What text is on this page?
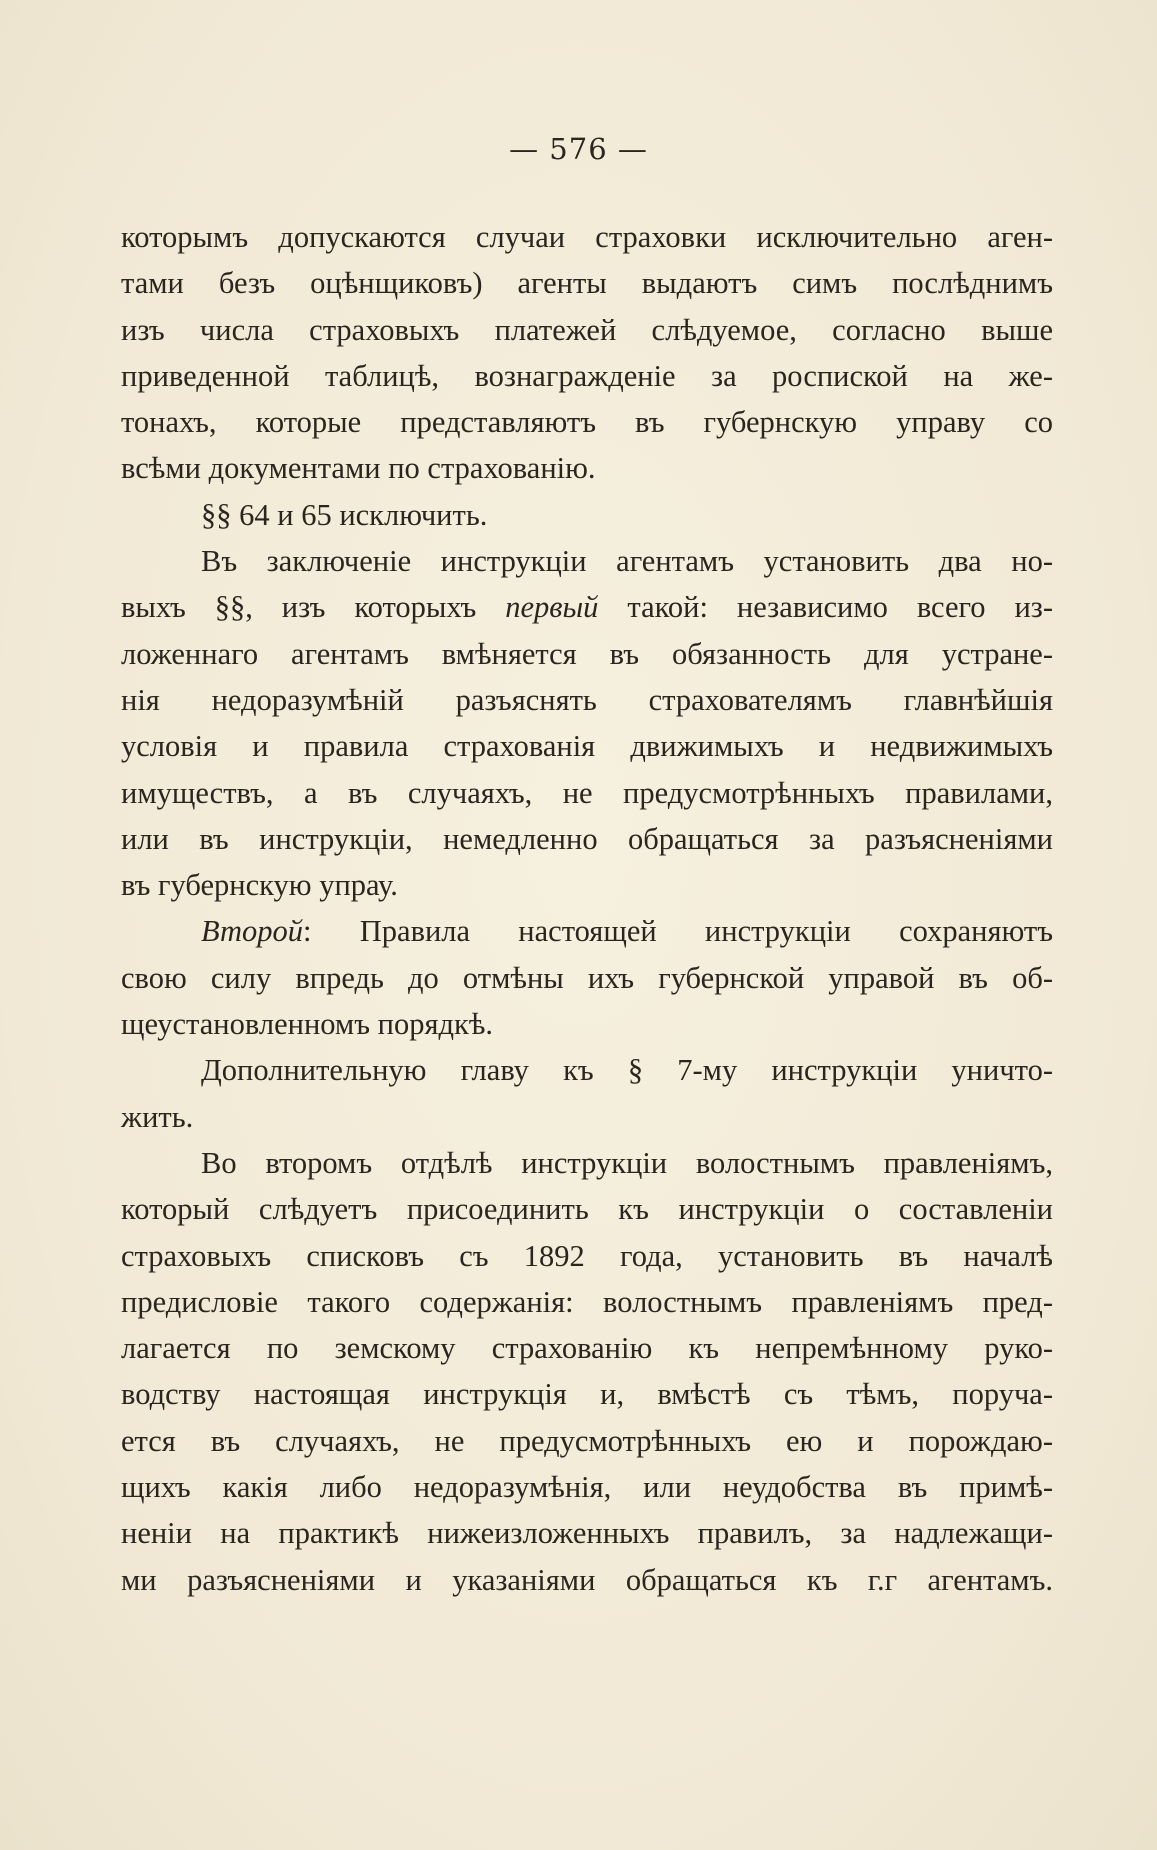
— 576 —
которымъ допускаются случаи страховки исключительно аген-
тами безъ оцѣнщиковъ) агенты выдаютъ симъ послѣднимъ
изъ числа страховыхъ платежей слѣдуемое, согласно выше
приведенной таблицѣ, вознагражденіе за роспиской на же-
тонахъ, которые представляютъ въ губернскую управу со
всѣми документами по страхованію.
§§ 64 и 65 исключить.
Въ заключеніе инструкціи агентамъ установить два но-
выхъ §§, изъ которыхъ первый такой: независимо всего из-
ложеннаго агентамъ вмѣняется въ обязанность для устране-
нія недоразумѣній разъяснять страхователямъ главнѣйшія
условія и правила страхованія движимыхъ и недвижимыхъ
имуществъ, а въ случаяхъ, не предусмотрѣнныхъ правилами,
или въ инструкціи, немедленно обращаться за разъясненіями
въ губернскую упрау.
Второй: Правила настоящей инструкціи сохраняютъ
свою силу впредь до отмѣны ихъ губернской управой въ об-
щеустановленномъ порядкѣ.
Дополнительную главу къ § 7-му инструкціи уничто-
жить.
Во второмъ отдѣлѣ инструкціи волостнымъ правленіямъ,
который слѣдуетъ присоединить къ инструкціи о составленіи
страховыхъ списковъ съ 1892 года, установить въ началѣ
предисловіе такого содержанія: волостнымъ правленіямъ пред-
лагается по земскому страхованію къ непремѣнному руко-
водству настоящая инструкція и, вмѣстѣ съ тѣмъ, поруча-
ется въ случаяхъ, не предусмотрѣнныхъ ею и порождаю-
щихъ какія либо недоразумѣнія, или неудобства въ примѣ-
неніи на практикѣ нижеизложенныхъ правилъ, за надлежащи-
ми разъясненіями и указаніями обращаться къ г.г агентамъ.
